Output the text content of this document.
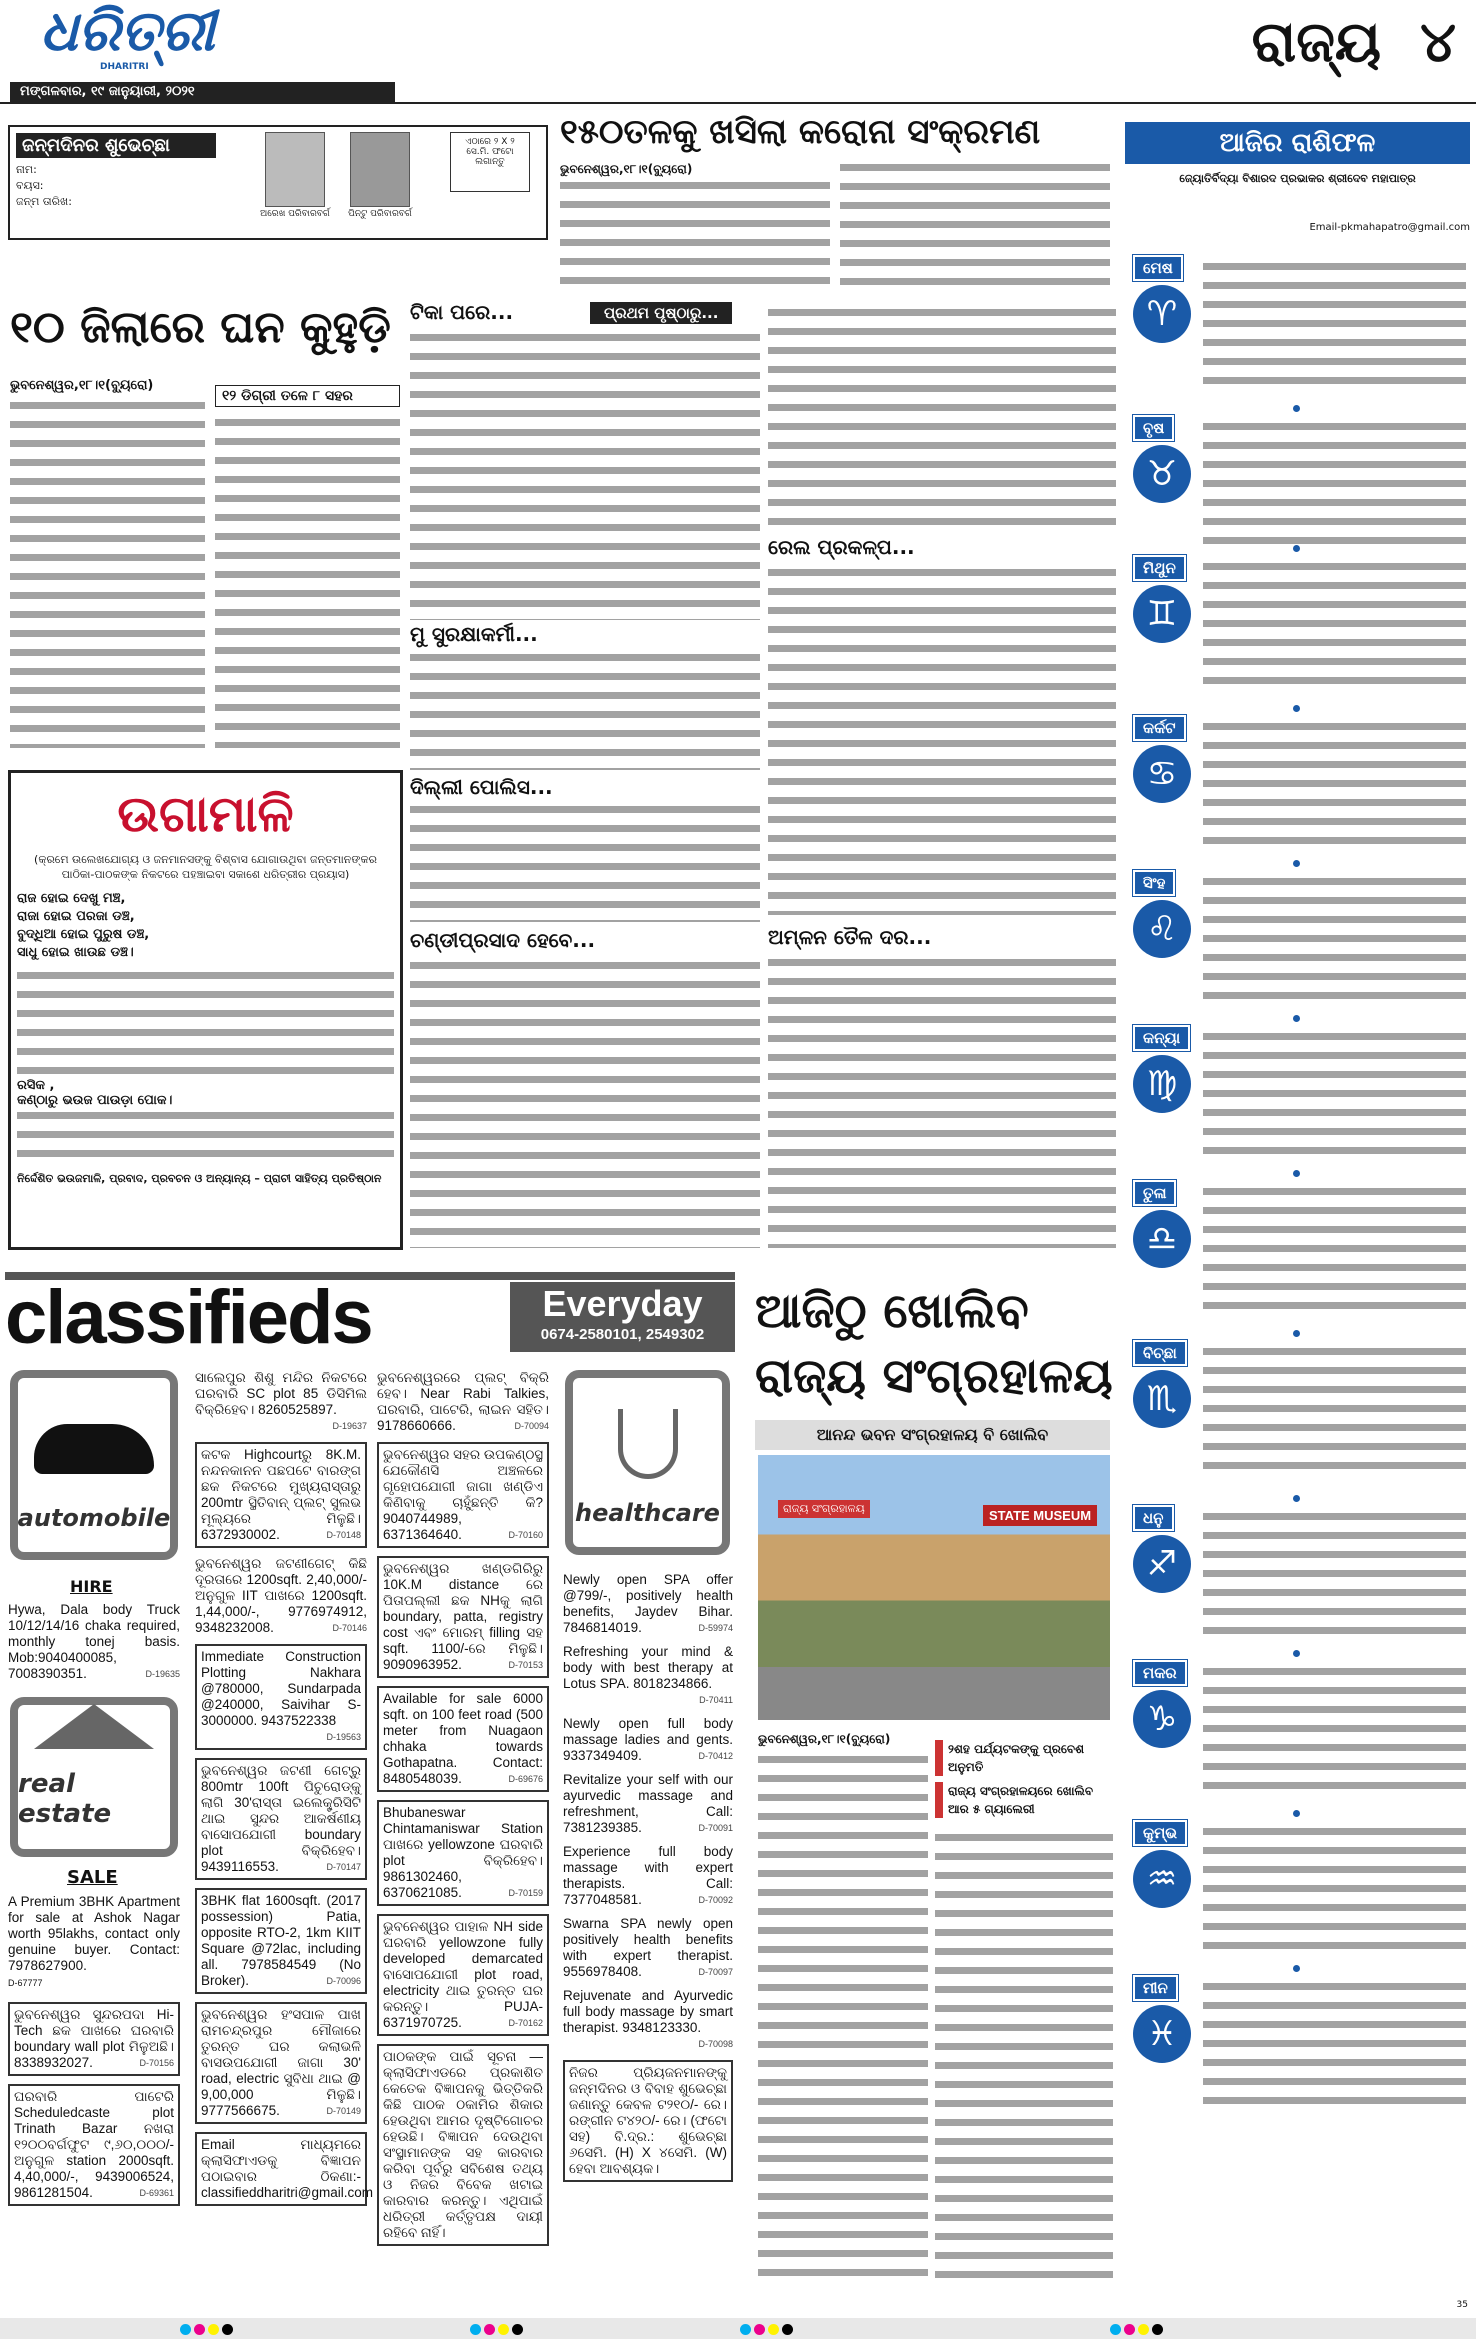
ଧରିତ୍ରୀ
DHARITRI	ରାଜ୍ୟ ୪
ମଙ୍ଗଳବାର, ୧୯ ଜାନୁୟାରୀ, ୨୦୨୧
ଜନ୍ମଦିନର ଶୁଭେଚ୍ଛା
ନାମ:
ବୟସ:
ଜନ୍ମ ତାରିଖ:
ଅରେଖ ପରିବାରବର୍ଗ	ପିନ୍ଟୁ ପରିବାରବର୍ଗ
ଏଠାରେ ୨ X ୨ ସେ.ମି. ଫଟୋ ଲଗାନ୍ତୁ
୧୦ ଜିଲାରେ ଘନ କୁହୁଡ଼ି
ଭୁବନେଶ୍ୱର,୧୮।୧(ବ୍ୟୁରୋ)
୧୨ ଡିଗ୍ରୀ ତଳେ ୮ ସହର
ଉଗାମାଳି
(କ୍ରମେ ଉଲେଖଯୋଗ୍ୟ ଓ ଜନମାନସଙ୍କୁ ବିଶ୍ବାସ ଯୋଗାଉଥିବା ଜନ୍ତମାନଙ୍କର ପାଠିକା-ପାଠକଙ୍କ ନିକଟରେ ପହଞ୍ଚାଇବା ସକାଶେ ଧରିତ୍ରୀର ପ୍ରୟାସ)
ରାଜ ହୋଇ ଦେଖୁ ମଞ୍ଚ,
ରାଜା ହୋଇ ପରଜା ଡଞ୍ଚ,
ବୁଦ୍ଧିଆ ହୋଇ ପୁରୁଷ ଡଞ୍ଚ,
ସାଧୁ ହୋଇ ଖାଉଛ ଡଞ୍ଚ।
ରସିକ ,
କଣ୍ଠାରୁ ଭଉଜ ପାଉଡ଼ା ପୋକ।
ନିର୍ଦ୍ଦେଶିତ ଭଉଜମାଳି, ପ୍ରବାଦ, ପ୍ରବଚନ ଓ ଅନ୍ୟାନ୍ୟ – ପ୍ରାଚୀ ସାହିତ୍ୟ ପ୍ରତିଷ୍ଠାନ
୧୫୦ତଳକୁ ଖସିଲା କରୋନା ସଂକ୍ରମଣ
ଭୁବନେଶ୍ୱର,୧୮।୧(ବ୍ୟୁରୋ)
ପ୍ରଥମ ପୃଷ୍ଠାରୁ...
ଟିକା ପରେ...
ମୁ ସୁରକ୍ଷାକର୍ମୀ...
ଦିଲ୍ଲୀ ପୋଲିସ...
ଚଣ୍ଡୀପ୍ରସାଦ ହେବେ...
ରେଲ ପ୍ରକଳ୍ପ...
ଅମ୍ଳନ ତୈଳ ଦର...
ଆଜିର ରାଶିଫଳ
ଜ୍ୟୋତିର୍ବିଦ୍ୟା ବିଶାରଦ ପ୍ରଭାକର ଶ୍ରୀଦେବ ମହାପାତ୍ର
Email-pkmahapatro@gmail.com
ମେଷ
♈
ବୃଷ
♉
ମିଥୁନ
♊
କର୍କଟ
♋
ସିଂହ
♌
କନ୍ୟା
♍
ତୁଳା
♎
ବିଚ୍ଛା
♏
ଧନୁ
♐
ମକର
♑
କୁମ୍ଭ
♒
ମୀନ
♓
classifieds	Everyday
0674-2580101, 2549302
automobile
HIRE
Hywa, Dala body Truck 10/12/14/16 chaka required, monthly tonej basis. Mob:9040400085, 7008390351.	D-19635
real estate
SALE
A Premium 3BHK Apartment for sale at Ashok Nagar worth 95lakhs, contact only genuine buyer. Contact: 7978627900.
D-67777
ଭୁବନେଶ୍ୱର ସୁନ୍ଦରପଦା Hi-Tech ଛକ ପାଖରେ ଘରବାରି boundary wall plot ମିଳୁଅଛି। 8338932027.	D-70156
ଘରବାରି ପାଟେରି Scheduledcaste plot Trinath Bazar ନଖରା ୧୨୦୦ବର୍ଗଫୁଟ ୯,୬୦,୦୦୦/- ଅନୁଗୁଳ station 2000sqft. 4,40,000/-, 9439006524, 9861281504.	D-69361
ସାଲେପୁର ଶିଶୁ ମନ୍ଦିର ନିକଟରେ ଘରବାରି SC plot 85 ଡିସିମିଲ ବିକ୍ରିହେବ। 8260525897.
D-19637
କଟକ Highcourtରୁ 8K.M. ନନ୍ଦନକାନନ ପଛପଟେ ବାରଙ୍ଗ ଛକ ନିକଟରେ ମୁଖ୍ୟରାସ୍ତାରୁ 200mtr ସ୍ଥିତିବାନ୍ ପ୍ଲଟ୍ ସୁଲଭ ମୂଲ୍ୟରେ ମିଳୁଛି। 6372930002.	D-70148
ଭୁବନେଶ୍ୱର ଜଟଣୀଗେଟ୍ କିଛି ଦୂରତାରେ 1200sqft. 2,40,000/- ଅନୁଗୁଳ IIT ପାଖରେ 1200sqft. 1,44,000/-, 9776974912, 9348232008.	D-70146
Immediate Construction Plotting Nakhara @780000, Sundarpada @240000, Saivihar S-3000000. 9437522338
D-19563
ଭୁବନେଶ୍ୱର ଜଟଣୀ ଗେଟ୍‌ରୁ 800mtr 100ft ପିଚୁରୋଡ୍‌କୁ ଲାଗି 30'ରାସ୍ତା ଇଲେକ୍ଟ୍ରିସିଟି ଥାଇ ସୁନ୍ଦର ଆକର୍ଷଣୀୟ ବାସୋପଯୋଗୀ boundary plot ବିକ୍ରିହେବ। 9439116553.	D-70147
3BHK flat 1600sqft. (2017 possession) Patia, opposite RTO-2, 1km KIIT Square @72lac, including all. 7978584549 (No Broker).	D-70096
ଭୁବନେଶ୍ୱର ହଂସପାଳ ପାଖ ରାମଚନ୍ଦ୍ରପୁର ମୌଜାରେ ତୁରନ୍ତ ଘର କଲାଭଳି ବାସଉପଯୋଗୀ ଜାଗା 30' road, electric ସୁବିଧା ଥାଇ @ 9,00,000 ମିଳୁଛି। 9777566675.	D-70149
Email ମାଧ୍ୟମରେ କ୍ଲାସିଫାଏଡକୁ ବିଜ୍ଞାପନ ପଠାଇବାର ଠିକଣା:- classifieddharitri@gmail.com
ଭୁବନେଶ୍ୱରରେ ପ୍ଲଟ୍ ବିକ୍ରି ହେବ। Near Rabi Talkies, ଘରବାରି, ପାଟେରି, ଲାଇନ ସହିତ। 9178660666.	D-70094
ଭୁବନେଶ୍ୱର ସହର ଉପକଣ୍ଠସ୍ଥ ଯେକୌଣସି ଅଞ୍ଚଳରେ ଗୃହୋପଯୋଗୀ ଜାଗା ଖଣ୍ଡିଏ କିଣିବାକୁ ଚାହୁଁଛନ୍ତି କି? 9040744989, 6371364640.	D-70160
ଭୁବନେଶ୍ୱର ଖଣ୍ଡଗିରିରୁ 10K.M distance ରେ ପିତାପଲ୍ଲୀ ଛକ NHକୁ ଲାଗି boundary, patta, registry cost ଏବଂ ମୋରମ୍ filling ସହ sqft. 1100/-ରେ ମିଳୁଛି। 9090963952.	D-70153
Available for sale 6000 sqft. on 100 feet road (500 meter from Nuagaon chhaka towards Gothapatna. Contact: 8480548039.	D-69676
Bhubaneswar Chintamaniswar Station ପାଖରେ yellowzone ଘରବାରି plot ବିକ୍ରିହେବ। 9861302460, 6370621085.	D-70159
ଭୁବନେଶ୍ୱର ପାହାଳ NH side ଘରବାରି yellowzone fully developed demarcated ବାସୋପଯୋଗୀ plot road, electricity ଥାଇ ତୁରନ୍ତ ଘର କରନ୍ତୁ। PUJA- 6371970725.	D-70162
ପାଠକଙ୍କ ପାଇଁ ସୂଚନା — କ୍ଲାସିଫାଏଡରେ ପ୍ରକାଶିତ କେତେକ ବିଜ୍ଞାପନକୁ ଭିତ୍ତିକରି କିଛି ପାଠକ ଠକାମିର ଶିକାର ହେଉଥିବା ଆମର ଦୃଷ୍ଟିଗୋଚର ହେଉଛି। ବିଜ୍ଞାପନ ଦେଉଥିବା ସଂସ୍ଥାମାନଙ୍କ ସହ କାରବାର କରିବା ପୂର୍ବରୁ ସବିଶେଷ ତଥ୍ୟ ଓ ନିଜର ବିବେକ ଖଟାଇ କାରବାର କରନ୍ତୁ। ଏଥିପାଇଁ ଧରିତ୍ରୀ କର୍ତ୍ତୃପକ୍ଷ ଦାୟୀ ରହିବେ ନାହିଁ।
healthcare
Newly open SPA offer @799/-, positively health benefits, Jaydev Bihar. 7846814019.	D-59974
Refreshing your mind & body with best therapy at Lotus SPA. 8018234866.
D-70411
Newly open full body massage ladies and gents. 9337349409.	D-70412
Revitalize your self with our ayurvedic massage and refreshment, Call: 7381239385.	D-70091
Experience full body massage with expert therapists. Call: 7377048581.	D-70092
Swarna SPA newly open positively health benefits with expert therapist. 9556978408.	D-70097
Rejuvenate and Ayurvedic full body massage by smart therapist. 9348123330.
D-70098
ନିଜର ପ୍ରିୟଜନମାନଙ୍କୁ ଜନ୍ମଦିନର ଓ ବିବାହ ଶୁଭେଚ୍ଛା ଜଣାନ୍ତୁ କେବଳ ଟ୨୧୦/- ରେ। ରଙ୍ଗୀନ ଟ୪୨୦/- ରେ। (ଫଟୋ ସହ) ବି.ଦ୍ର.: ଶୁଭେଚ୍ଛା ୬ସେମି. (H) X ୪ସେମି. (W) ହେବା ଆବଶ୍ୟକ।
ଆଜିଠୁ ଖୋଲିବ
ରାଜ୍ୟ ସଂଗ୍ରହାଳୟ
ଆନନ୍ଦ ଭବନ ସଂଗ୍ରହାଳୟ ବି ଖୋଲିବ
ରାଜ୍ୟ ସଂଗ୍ରହାଳୟ	STATE MUSEUM
ଭୁବନେଶ୍ୱର,୧୮।୧(ବ୍ୟୁରୋ)
୨ଶହ ପର୍ଯ୍ୟଟକଙ୍କୁ ପ୍ରବେଶ ଅନୁମତି
ରାଜ୍ୟ ସଂଗ୍ରହାଳୟରେ ଖୋଲିବ ଆର ୫ ଗ୍ୟାଲେରୀ
35
